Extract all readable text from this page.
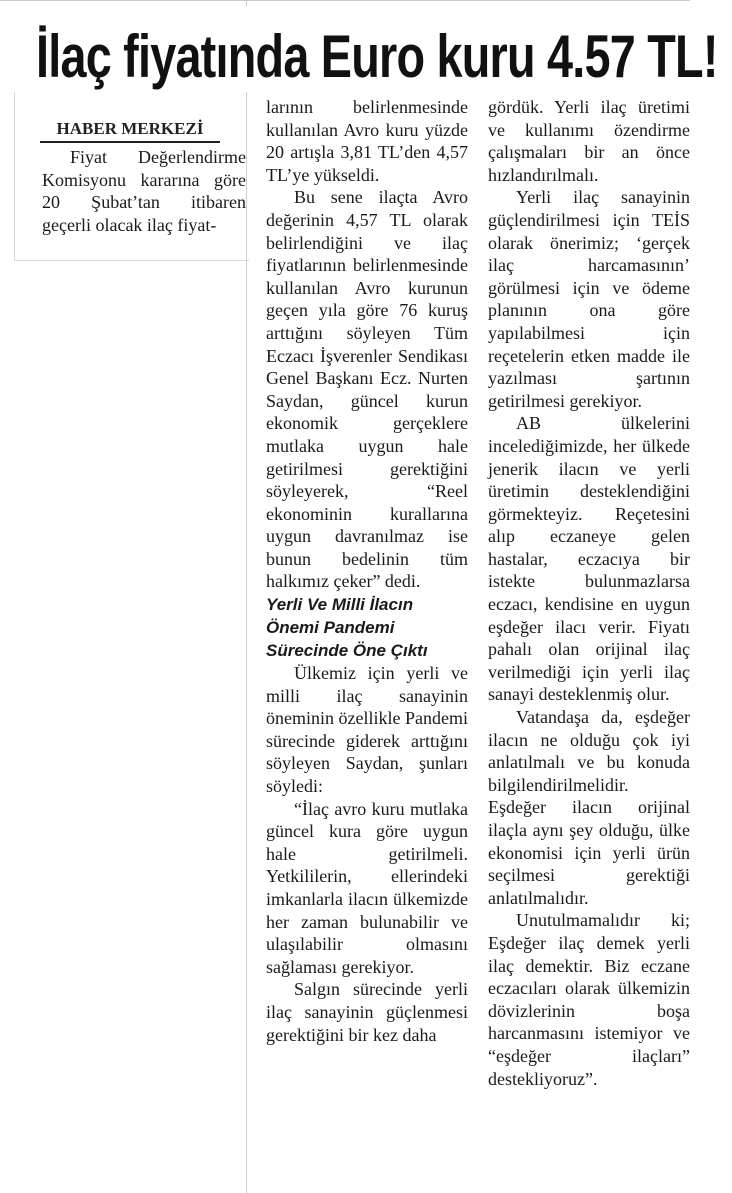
İlaç fiyatında Euro kuru 4.57 TL!
HABER MERKEZİ

Fiyat Değerlendirme Komisyonu kararına göre 20 Şubat’tan itibaren geçerli olacak ilaç fiyat-

larının belirlenmesinde kullanılan Avro kuru yüzde 20 artışla 3,81 TL’den 4,57 TL’ye yükseldi.

Bu sene ilaçta Avro değerinin 4,57 TL olarak belirlendiğini ve ilaç fiyatlarının belirlenmesinde kullanılan Avro kurunun geçen yıla göre 76 kuruş arttığını söyleyen Tüm Eczacı İşverenler Sendikası Genel Başkanı Ecz. Nurten Saydan, güncel kurun ekonomik gerçeklere mutlaka uygun hale getirilmesi gerektiğini söyleyerek, “Reel ekonominin kurallarına uygun davranılmaz ise bunun bedelinin tüm halkımız çeker” dedi.

Yerli Ve Milli İlacın Önemi Pandemi Sürecinde Öne Çıktı

Ülkemiz için yerli ve milli ilaç sanayinin öneminin özellikle Pandemi sürecinde giderek arttığını söyleyen Saydan, şunları söyledi:

“İlaç avro kuru mutlaka güncel kura göre uygun hale getirilmeli. Yetkililerin, ellerindeki imkanlarla ilacın ülkemizde her zaman bulunabilir ve ulaşılabilir olmasını sağlaması gerekiyor.

Salgın sürecinde yerli ilaç sanayinin güçlenmesi gerektiğini bir kez daha

gördük. Yerli ilaç üretimi ve kullanımı özendirme çalışmaları bir an önce hızlandırılmalı.

Yerli ilaç sanayinin güçlendirilmesi için TEİS olarak önerimiz; ‘gerçek ilaç harcamasının’ görülmesi için ve ödeme planının ona göre yapılabilmesi için reçetelerin etken madde ile yazılması şartının getirilmesi gerekiyor.

AB ülkelerini incelediğimizde, her ülkede jenerik ilacın ve yerli üretimin desteklendiğini görmekteyiz. Reçetesini alıp eczaneye gelen hastalar, eczacıya bir istekte bulunmazlarsa eczacı, kendisine en uygun eşdeğer ilacı verir. Fiyatı pahalı olan orijinal ilaç verilmediği için yerli ilaç sanayi desteklenmiş olur.

Vatandaşa da, eşdeğer ilacın ne olduğu çok iyi anlatılmalı ve bu konuda bilgilendirilmelidir. Eşdeğer ilacın orijinal ilaçla aynı şey olduğu, ülke ekonomisi için yerli ürün seçilmesi gerektiği anlatılmalıdır.

Unutulmamalıdır ki; Eşdeğer ilaç demek yerli ilaç demektir. Biz eczane eczacıları olarak ülkemizin dövizlerinin boşa harcanmasını istemiyor ve “eşdeğer ilaçları” destekliyoruz”.
